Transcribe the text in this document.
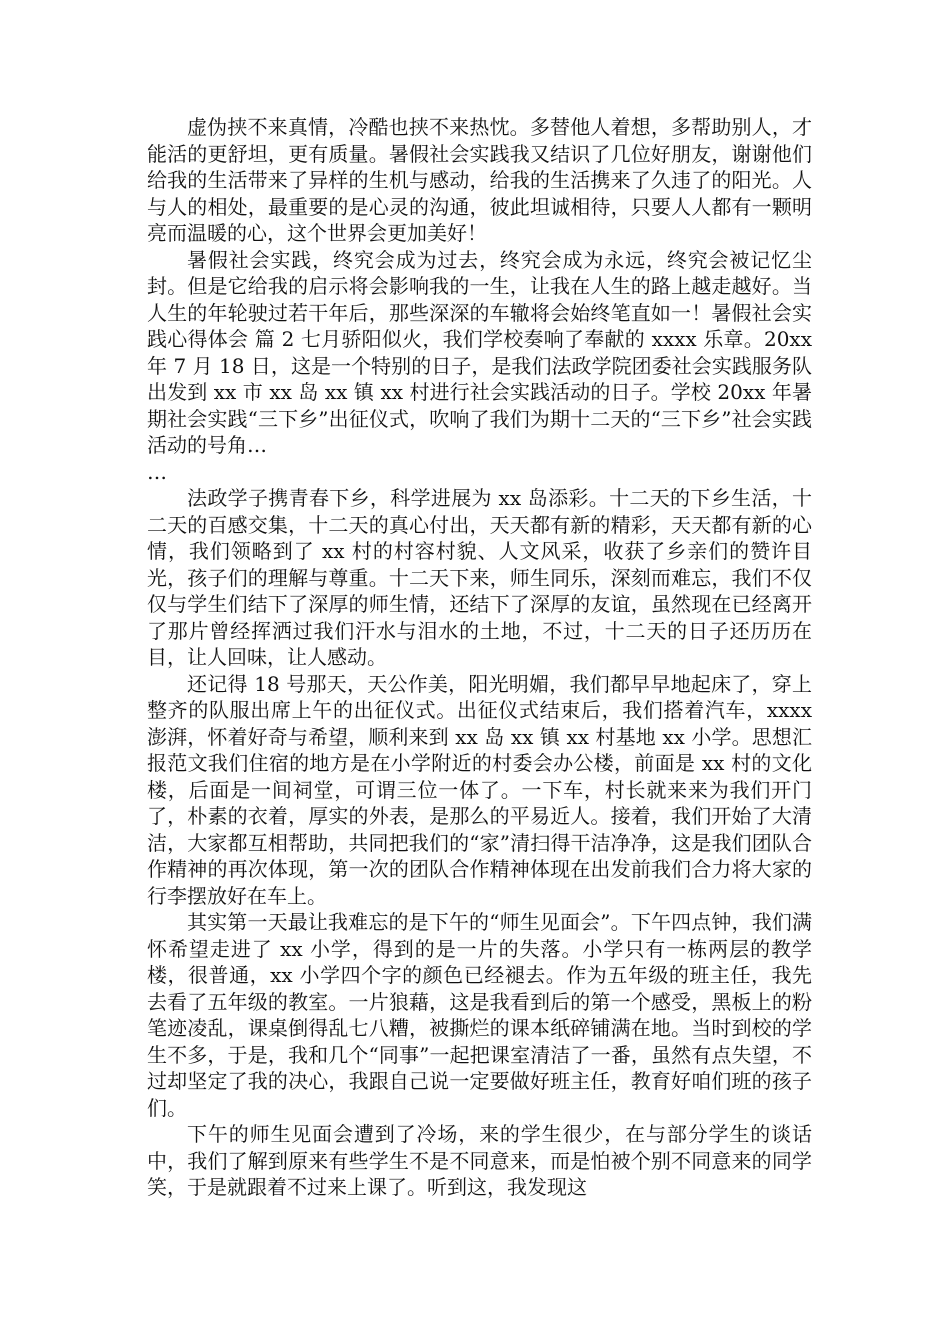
虚伪挟不来真情，冷酷也挟不来热忱。多替他人着想，多帮助别人，才能活的更舒坦，更有质量。暑假社会实践我又结识了几位好朋友，谢谢他们给我的生活带来了异样的生机与感动，给我的生活携来了久违了的阳光。人与人的相处，最重要的是心灵的沟通，彼此坦诚相待，只要人人都有一颗明亮而温暖的心，这个世界会更加美好！

暑假社会实践，终究会成为过去，终究会成为永远，终究会被记忆尘封。但是它给我的启示将会影响我的一生，让我在人生的路上越走越好。当人生的年轮驶过若干年后，那些深深的车辙将会始终笔直如一！暑假社会实践心得体会 篇 2 七月骄阳似火，我们学校奏响了奉献的 xxxx 乐章。20xx 年 7 月 18 日，这是一个特别的日子，是我们法政学院团委社会实践服务队出发到 xx 市 xx 岛 xx 镇 xx 村进行社会实践活动的日子。学校 20xx 年暑期社会实践“三下乡”出征仪式，吹响了我们为期十二天的“三下乡”社会实践活动的号角…

…

法政学子携青春下乡，科学进展为 xx 岛添彩。十二天的下乡生活，十二天的百感交集，十二天的真心付出，天天都有新的精彩，天天都有新的心情，我们领略到了 xx 村的村容村貌、人文风采，收获了乡亲们的赞许目光，孩子们的理解与尊重。十二天下来，师生同乐，深刻而难忘，我们不仅仅与学生们结下了深厚的师生情，还结下了深厚的友谊，虽然现在已经离开了那片曾经挥洒过我们汗水与泪水的土地，不过，十二天的日子还历历在目，让人回味，让人感动。

还记得 18 号那天，天公作美，阳光明媚，我们都早早地起床了，穿上整齐的队服出席上午的出征仪式。出征仪式结束后，我们搭着汽车，xxxx 澎湃，怀着好奇与希望，顺利来到 xx 岛 xx 镇 xx 村基地 xx 小学。思想汇报范文我们住宿的地方是在小学附近的村委会办公楼，前面是 xx 村的文化楼，后面是一间祠堂，可谓三位一体了。一下车，村长就来来为我们开门了，朴素的衣着，厚实的外表，是那么的平易近人。接着，我们开始了大清洁，大家都互相帮助，共同把我们的“家”清扫得干洁净净，这是我们团队合作精神的再次体现，第一次的团队合作精神体现在出发前我们合力将大家的行李摆放好在车上。

其实第一天最让我难忘的是下午的“师生见面会”。下午四点钟，我们满怀希望走进了 xx 小学，得到的是一片的失落。小学只有一栋两层的教学楼，很普通，xx 小学四个字的颜色已经褪去。作为五年级的班主任，我先去看了五年级的教室。一片狼藉，这是我看到后的第一个感受，黑板上的粉笔迹凌乱，课桌倒得乱七八糟，被撕烂的课本纸碎铺满在地。当时到校的学生不多，于是，我和几个“同事”一起把课室清洁了一番，虽然有点失望，不过却坚定了我的决心，我跟自己说一定要做好班主任，教育好咱们班的孩子们。

下午的师生见面会遭到了冷场，来的学生很少，在与部分学生的谈话中，我们了解到原来有些学生不是不同意来，而是怕被个别不同意来的同学笑，于是就跟着不过来上课了。听到这，我发现这
